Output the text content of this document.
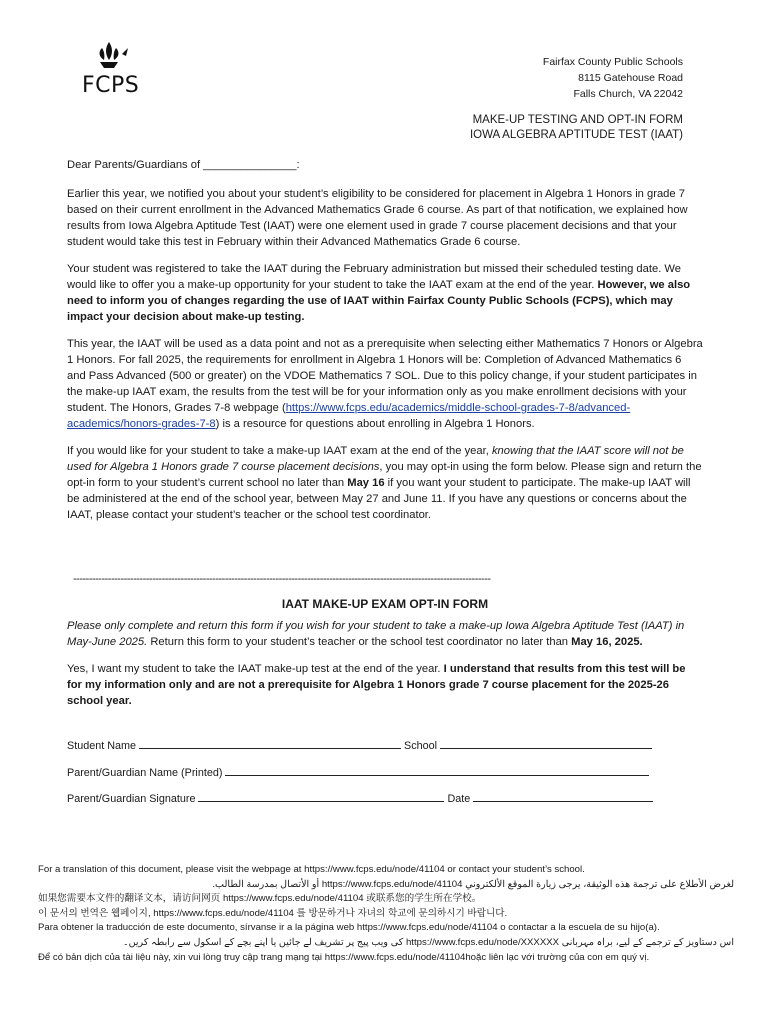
FCPS
Fairfax County Public Schools
8115 Gatehouse Road
Falls Church, VA 22042
MAKE-UP TESTING AND OPT-IN FORM
IOWA ALGEBRA APTITUDE TEST (IAAT)

Dear Parents/Guardians of _______________:

Earlier this year, we notified you about your student’s eligibility to be considered for placement in Algebra 1 Honors in grade 7 based on their current enrollment in the Advanced Mathematics Grade 6 course. As part of that notification, we explained how results from Iowa Algebra Aptitude Test (IAAT) were one element used in grade 7 course placement decisions and that your student would take this test in February within their Advanced Mathematics Grade 6 course.

Your student was registered to take the IAAT during the February administration but missed their scheduled testing date. We would like to offer you a make-up opportunity for your student to take the IAAT exam at the end of the year. However, we also need to inform you of changes regarding the use of IAAT within Fairfax County Public Schools (FCPS), which may impact your decision about make-up testing.

This year, the IAAT will be used as a data point and not as a prerequisite when selecting either Mathematics 7 Honors or Algebra 1 Honors. For fall 2025, the requirements for enrollment in Algebra 1 Honors will be: Completion of Advanced Mathematics 6 and Pass Advanced (500 or greater) on the VDOE Mathematics 7 SOL. Due to this policy change, if your student participates in the make-up IAAT exam, the results from the test will be for your information only as you make enrollment decisions with your student. The Honors, Grades 7-8 webpage (https://www.fcps.edu/academics/middle-school-grades-7-8/advanced-academics/honors-grades-7-8) is a resource for questions about enrolling in Algebra 1 Honors.

If you would like for your student to take a make-up IAAT exam at the end of the year, knowing that the IAAT score will not be used for Algebra 1 Honors grade 7 course placement decisions, you may opt-in using the form below. Please sign and return the opt-in form to your student’s current school no later than May 16 if you want your student to participate. The make-up IAAT will be administered at the end of the school year, between May 27 and June 11. If you have any questions or concerns about the IAAT, please contact your student’s teacher or the school test coordinator.

------------------------------------------------------------------------------------------------------------------------------------
IAAT MAKE-UP EXAM OPT-IN FORM

Please only complete and return this form if you wish for your student to take a make-up Iowa Algebra Aptitude Test (IAAT) in May-June 2025. Return this form to your student’s teacher or the school test coordinator no later than May 16, 2025.

Yes, I want my student to take the IAAT make-up test at the end of the year. I understand that results from this test will be for my information only and are not a prerequisite for Algebra 1 Honors grade 7 course placement for the 2025-26 school year.

Student Name	School
Parent/Guardian Name (Printed)
Parent/Guardian Signature	Date
For a translation of this document, please visit the webpage at https://www.fcps.edu/node/41104 or contact your student’s school.
لغرض الأطلاع على ترجمة هذه الوثيقة، يرجى زيارة الموقع الألكتروني https://www.fcps.edu/node/41104 أو الأتصال بمدرسة الطالب.
如果您需要本文件的翻译文本，请访问网页 https://www.fcps.edu/node/41104 或联系您的学生所在学校。
이 문서의 번역은 웹페이지, https://www.fcps.edu/node/41104 를 방문하거나 자녀의 학교에 문의하시기 바랍니다.
Para obtener la traducción de este documento, sírvanse ir a la página web https://www.fcps.edu/node/41104 o contactar a la escuela de su hijo(a).
اس دستاویز کے ترجمے کے لیے، براہ مہربانی https://www.fcps.edu/node/XXXXXX کی ویب پیج پر تشریف لے جائیں یا اپنے بچے کے اسکول سے رابطہ کریں۔
Để có bản dịch của tài liệu này, xin vui lòng truy cập trang mạng tại https://www.fcps.edu/node/41104hoặc liên lạc với trường của con em quý vị.
